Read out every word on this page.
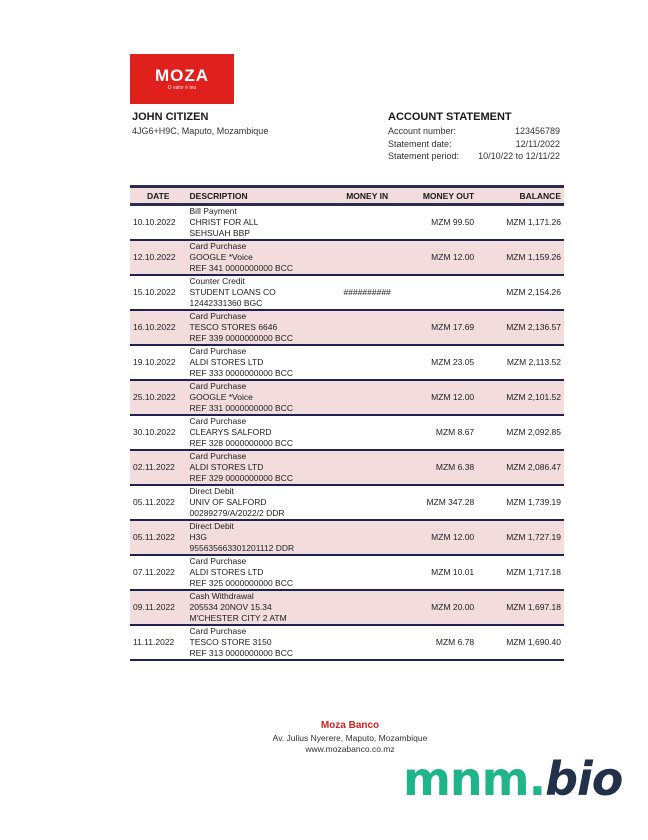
MOZA
O valor é teu
JOHN CITIZEN
4JG6+H9C, Maputo, Mozambique
ACCOUNT STATEMENT
Account number:	123456789
Statement date:	12/11/2022
Statement period: 10/10/22 to 12/11/22
DATE	DESCRIPTION	MONEY IN	MONEY OUT	BALANCE
10.10.2022	Bill Payment
CHRIST FOR ALL
SEHSUAH BBP		MZM 99.50	MZM 1,171.26
12.10.2022	Card Purchase
GOOGLE *Voice
REF 341 0000000000 BCC		MZM 12.00	MZM 1,159.26
15.10.2022	Counter Credit
STUDENT LOANS CO
12442331360 BGC	##########		MZM 2,154.26
16.10.2022	Card Purchase
TESCO STORES 6646
REF 339 0000000000 BCC		MZM 17.69	MZM 2,136.57
19.10.2022	Card Purchase
ALDI STORES LTD
REF 333 0000000000 BCC		MZM 23.05	MZM 2,113.52
25.10.2022	Card Purchase
GOOGLE *Voice
REF 331 0000000000 BCC		MZM 12.00	MZM 2,101.52
30.10.2022	Card Purchase
CLEARYS SALFORD
REF 328 0000000000 BCC		MZM 8.67	MZM 2,092.85
02.11.2022	Card Purchase
ALDI STORES LTD
REF 329 0000000000 BCC		MZM 6.38	MZM 2,086.47
05.11.2022	Direct Debit
UNIV OF SALFORD
00289279/A/2022/2 DDR		MZM 347.28	MZM 1,739.19
05.11.2022	Direct Debit
H3G
955635663301201112 DDR		MZM 12.00	MZM 1,727.19
07.11.2022	Card Purchase
ALDI STORES LTD
REF 325 0000000000 BCC		MZM 10.01	MZM 1,717.18
09.11.2022	Cash Withdrawal
205534 20NOV 15.34
M'CHESTER CITY 2 ATM		MZM 20.00	MZM 1,697.18
11.11.2022	Card Purchase
TESCO STORE 3150
REF 313 0000000000 BCC		MZM 6.78	MZM 1,690.40
Moza Banco
Av. Julius Nyerere, Maputo, Mozambique
www.mozabanco.co.mz
mnm.bio
